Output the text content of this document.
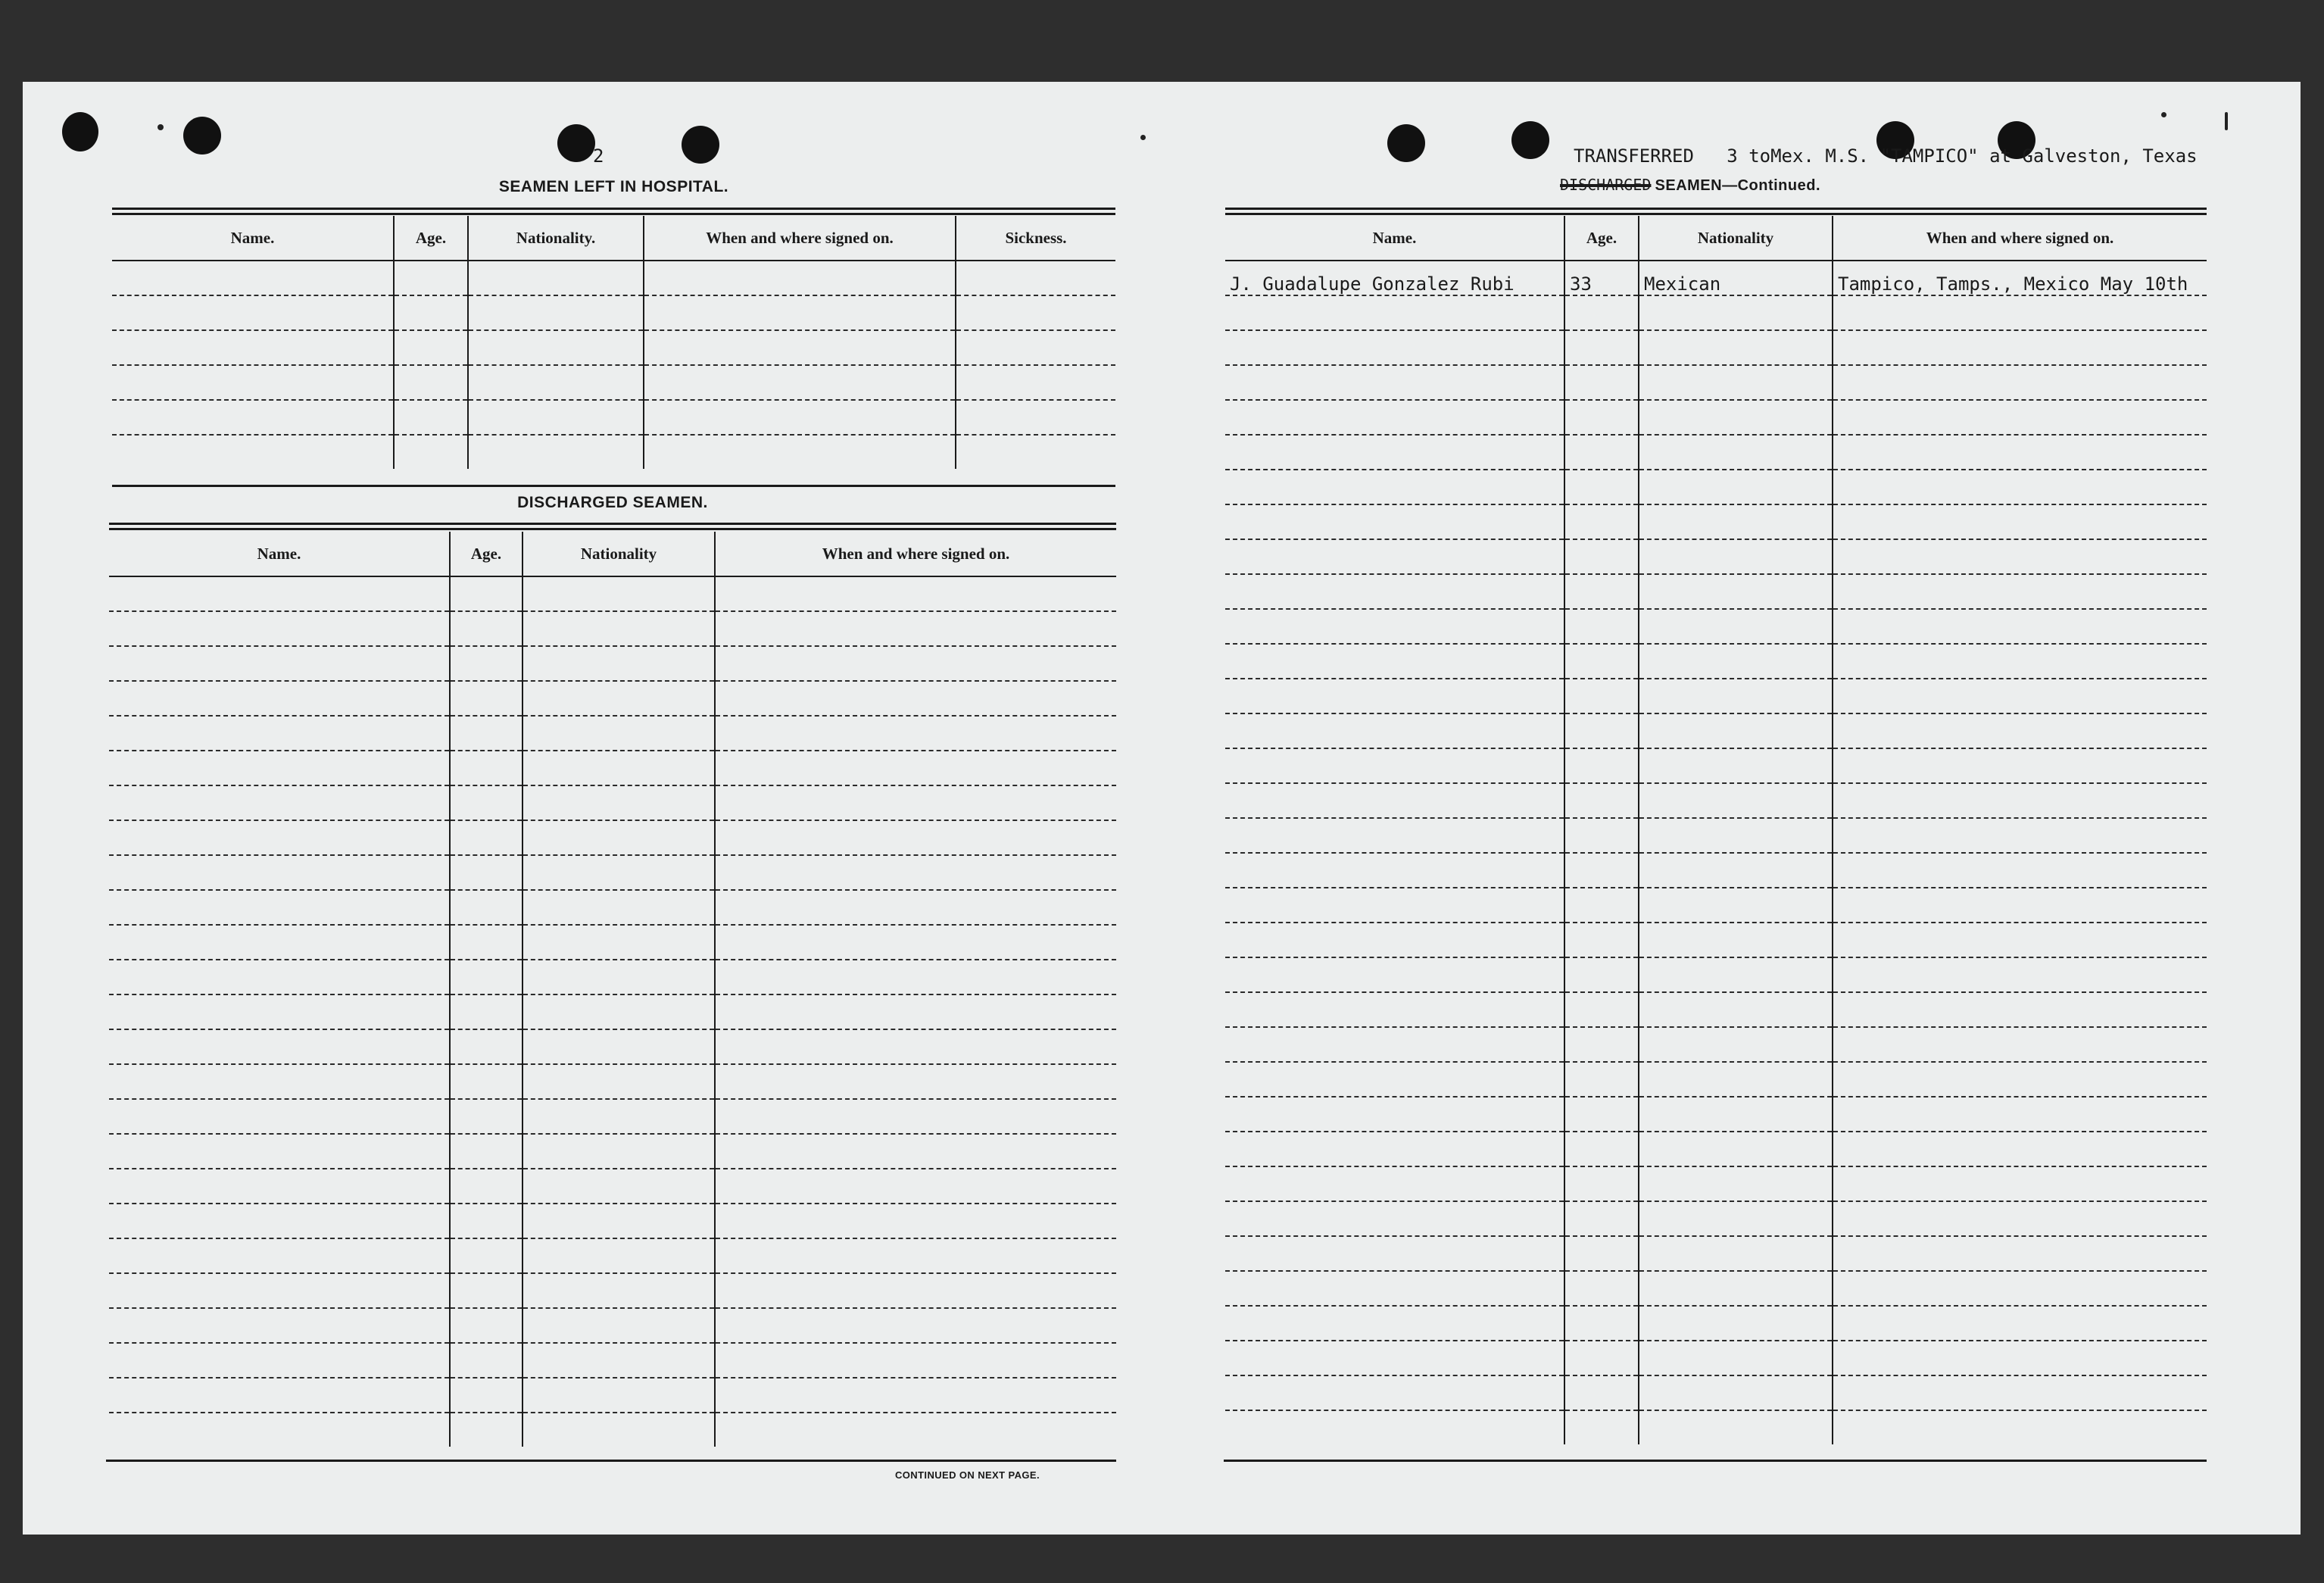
2
SEAMEN LEFT IN HOSPITAL.
Name.	Age.	Nationality.	When and where signed on.	Sickness.

DISCHARGED SEAMEN.
Name.	Age.	Nationality	When and where signed on.

CONTINUED ON NEXT PAGE.
TRANSFERRED   3 toMex. M.S. "TAMPICO" at Galveston, Texas
DISCHARGED SEAMEN—Continued.
Name.	Age.	Nationality	When and where signed on.
J. Guadalupe Gonzalez Rubi	33	Mexican	Tampico, Tamps., Mexico May 10th
